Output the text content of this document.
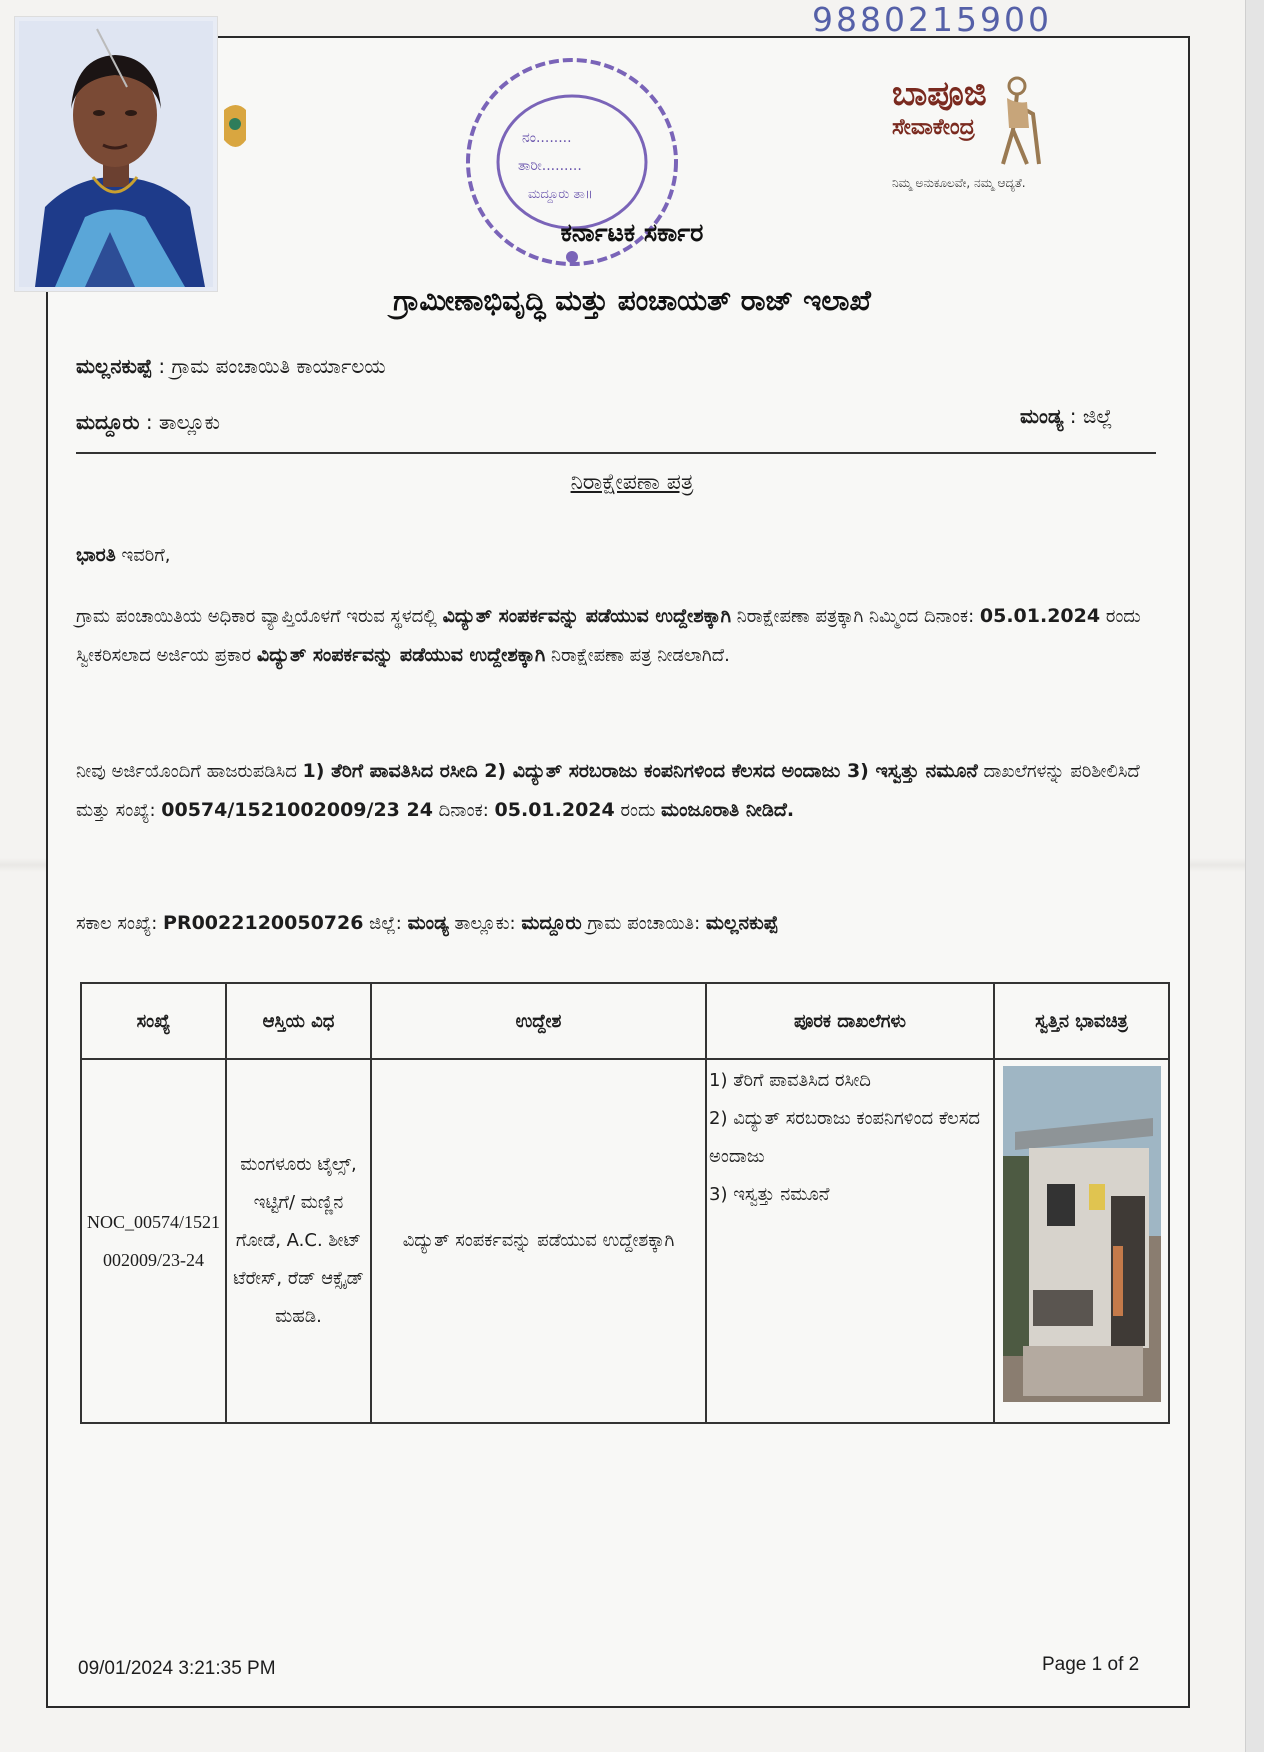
9880215900
ನಂ........
ತಾರೀ.........
ಮದ್ದೂರು ತಾ॥
ಬಾಪೂಜಿ
ಸೇವಾಕೇಂದ್ರ
ನಿಮ್ಮ ಅನುಕೂಲವೇ, ನಮ್ಮ ಆದ್ಯತೆ.
ಕರ್ನಾಟಕ ಸರ್ಕಾರ
ಗ್ರಾಮೀಣಾಭಿವೃದ್ಧಿ ಮತ್ತು ಪಂಚಾಯತ್ ರಾಜ್ ಇಲಾಖೆ
ಮಲ್ಲನಕುಪ್ಪೆ : ಗ್ರಾಮ ಪಂಚಾಯಿತಿ ಕಾರ್ಯಾಲಯ
ಮದ್ದೂರು : ತಾಲ್ಲೂಕು	ಮಂಡ್ಯ : ಜಿಲ್ಲೆ
ನಿರಾಕ್ಷೇಪಣಾ ಪತ್ರ
ಭಾರತಿ ಇವರಿಗೆ,
ಗ್ರಾಮ ಪಂಚಾಯಿತಿಯ ಅಧಿಕಾರ ವ್ಯಾಪ್ತಿಯೊಳಗೆ ಇರುವ ಸ್ಥಳದಲ್ಲಿ ವಿದ್ಯುತ್ ಸಂಪರ್ಕವನ್ನು ಪಡೆಯುವ ಉದ್ದೇಶಕ್ಕಾಗಿ ನಿರಾಕ್ಷೇಪಣಾ ಪತ್ರಕ್ಕಾಗಿ ನಿಮ್ಮಿಂದ ದಿನಾಂಕ: 05.01.2024 ರಂದು ಸ್ವೀಕರಿಸಲಾದ ಅರ್ಜಿಯ ಪ್ರಕಾರ ವಿದ್ಯುತ್ ಸಂಪರ್ಕವನ್ನು ಪಡೆಯುವ ಉದ್ದೇಶಕ್ಕಾಗಿ ನಿರಾಕ್ಷೇಪಣಾ ಪತ್ರ ನೀಡಲಾಗಿದೆ.
ನೀವು ಅರ್ಜಿಯೊಂದಿಗೆ ಹಾಜರುಪಡಿಸಿದ 1) ತೆರಿಗೆ ಪಾವತಿಸಿದ ರಸೀದಿ 2) ವಿದ್ಯುತ್ ಸರಬರಾಜು ಕಂಪನಿಗಳಿಂದ ಕೆಲಸದ ಅಂದಾಜು 3) ಇಸ್ವತ್ತು ನಮೂನೆ ದಾಖಲೆಗಳನ್ನು ಪರಿಶೀಲಿಸಿದೆ ಮತ್ತು ಸಂಖ್ಯೆ: 00574/1521002009/23 24 ದಿನಾಂಕ: 05.01.2024 ರಂದು ಮಂಜೂರಾತಿ ನೀಡಿದೆ.
ಸಕಾಲ ಸಂಖ್ಯೆ: PR0022120050726 ಜಿಲ್ಲೆ: ಮಂಡ್ಯ ತಾಲ್ಲೂಕು: ಮದ್ದೂರು ಗ್ರಾಮ ಪಂಚಾಯಿತಿ: ಮಲ್ಲನಕುಪ್ಪೆ
ಸಂಖ್ಯೆ	ಆಸ್ತಿಯ ವಿಧ	ಉದ್ದೇಶ	ಪೂರಕ ದಾಖಲೆಗಳು	ಸ್ವತ್ತಿನ ಭಾವಚಿತ್ರ
NOC_00574/1521002009/23-24	ಮಂಗಳೂರು ಟೈಲ್ಸ್, ಇಟ್ಟಿಗೆ/ ಮಣ್ಣಿನ ಗೋಡೆ, A.C. ಶೀಟ್ ಟೆರೇಸ್, ರೆಡ್ ಆಕ್ಸೈಡ್ ಮಹಡಿ.	ವಿದ್ಯುತ್ ಸಂಪರ್ಕವನ್ನು ಪಡೆಯುವ ಉದ್ದೇಶಕ್ಕಾಗಿ	1) ತೆರಿಗೆ ಪಾವತಿಸಿದ ರಸೀದಿ
2) ವಿದ್ಯುತ್ ಸರಬರಾಜು ಕಂಪನಿಗಳಿಂದ ಕೆಲಸದ ಅಂದಾಜು
3) ಇಸ್ವತ್ತು ನಮೂನೆ

09/01/2024 3:21:35 PM	Page 1 of 2
